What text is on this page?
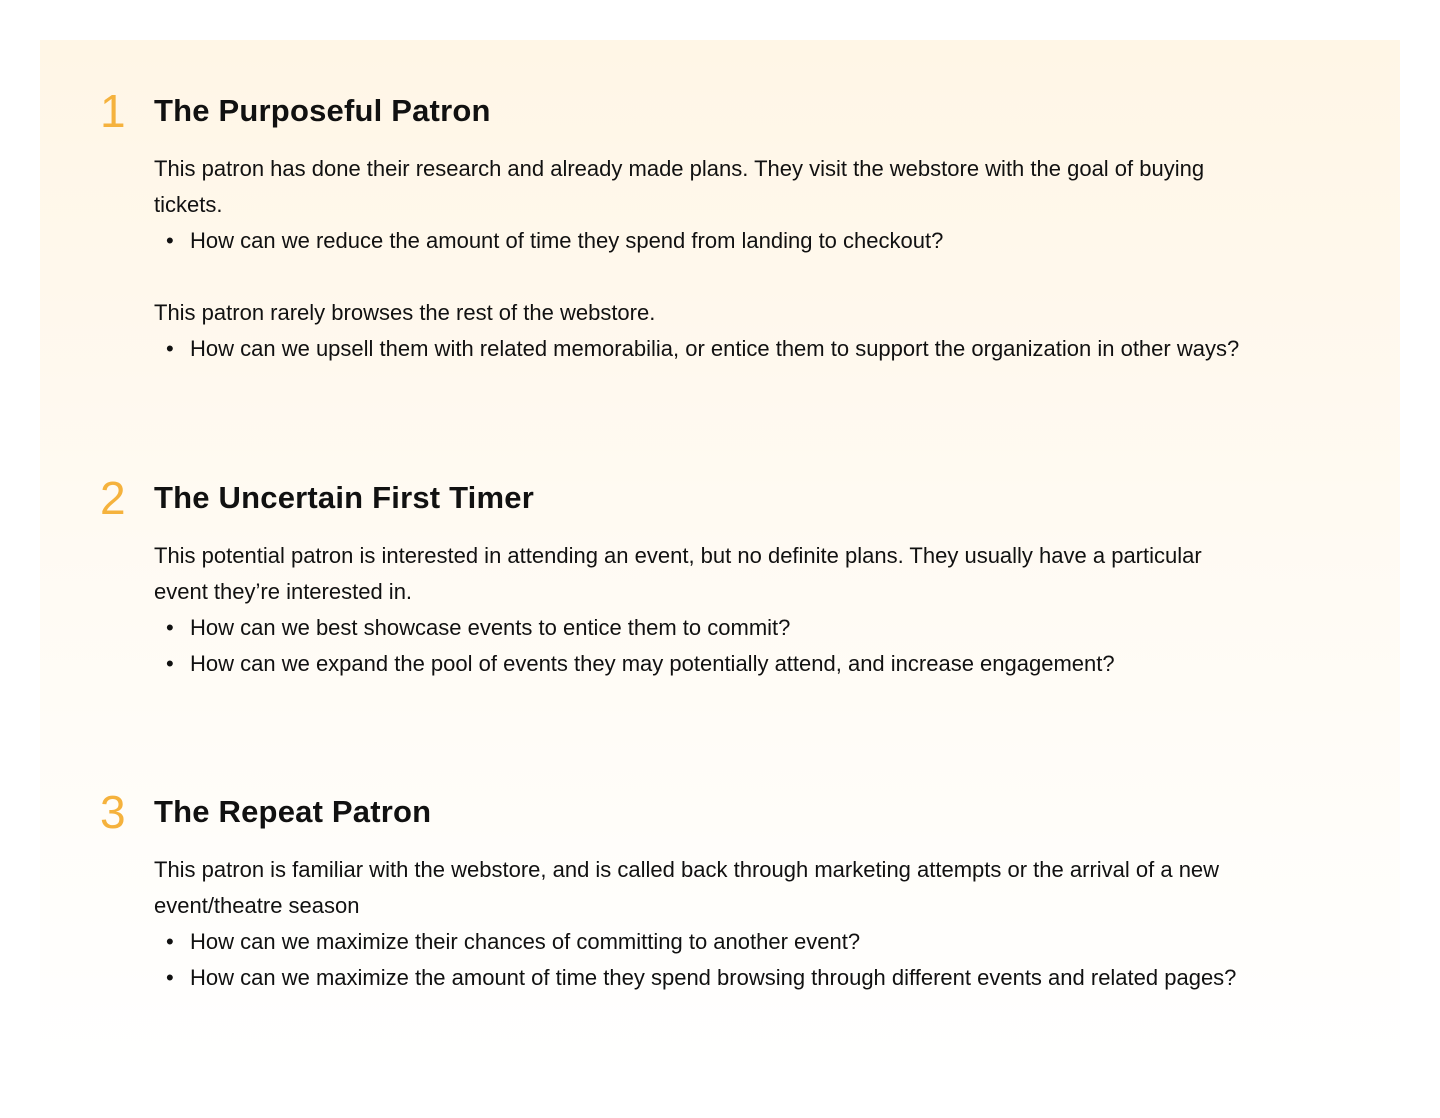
1 The Purposeful Patron

This patron has done their research and already made plans. They visit the webstore with the goal of buying tickets.

• How can we reduce the amount of time they spend from landing to checkout?

This patron rarely browses the rest of the webstore.

• How can we upsell them with related memorabilia, or entice them to support the organization in other ways?
2 The Uncertain First Timer

This potential patron is interested in attending an event, but no definite plans. They usually have a particular event they’re interested in.

• How can we best showcase events to entice them to commit?
• How can we expand the pool of events they may potentially attend, and increase engagement?
3 The Repeat Patron

This patron is familiar with the webstore, and is called back through marketing attempts or the arrival of a new event/theatre season

• How can we maximize their chances of committing to another event?
• How can we maximize the amount of time they spend browsing through different events and related pages?
